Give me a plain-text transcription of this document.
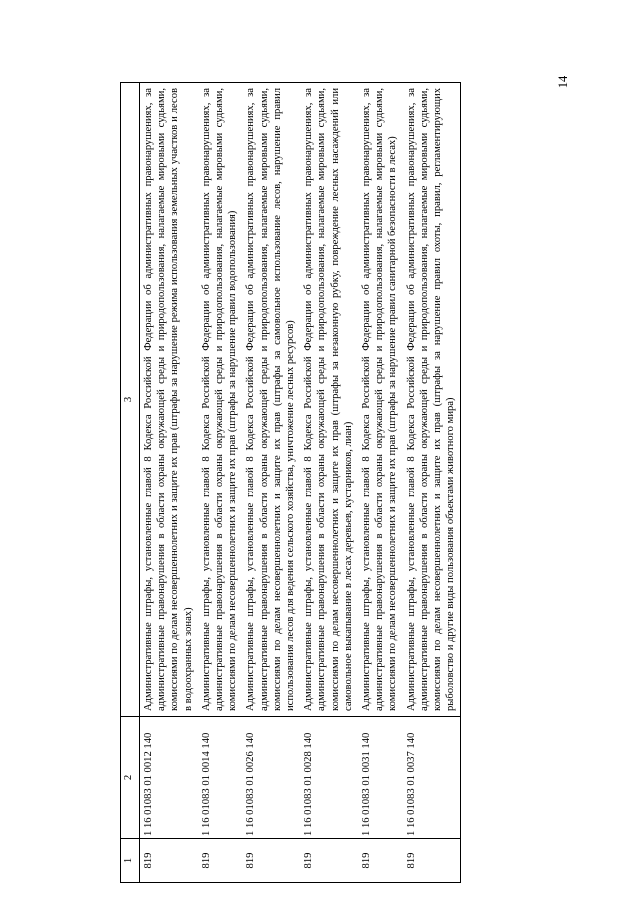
14
1	2	3
819	1 16 01083 01 0012 140	Административные штрафы, установленные главой 8 Кодекса Российской Федерации об административных правонарушениях, за административные правонарушения в области охраны окружающей среды и природопользования, налагаемые мировыми судьями, комиссиями по делам несовершеннолетних и защите их прав (штрафы за нарушение режима использования земельных участков и лесов в водоохранных зонах)
819	1 16 01083 01 0014 140	Административные штрафы, установленные главой 8 Кодекса Российской Федерации об административных правонарушениях, за административные правонарушения в области охраны окружающей среды и природопользования, налагаемые мировыми судьями, комиссиями по делам несовершеннолетних и защите их прав (штрафы за нарушение правил водопользования)
819	1 16 01083 01 0026 140	Административные штрафы, установленные главой 8 Кодекса Российской Федерации об административных правонарушениях, за административные правонарушения в области охраны окружающей среды и природопользования, налагаемые мировыми судьями, комиссиями по делам несовершеннолетних и защите их прав (штрафы за самовольное использование лесов, нарушение правил использования лесов для ведения сельского хозяйства, уничтожение лесных ресурсов)
819	1 16 01083 01 0028 140	Административные штрафы, установленные главой 8 Кодекса Российской Федерации об административных правонарушениях, за административные правонарушения в области охраны окружающей среды и природопользования, налагаемые мировыми судьями, комиссиями по делам несовершеннолетних и защите их прав (штрафы за незаконную рубку, повреждение лесных насаждений или самовольное выкапывание в лесах деревьев, кустарников, лиан)
819	1 16 01083 01 0031 140	Административные штрафы, установленные главой 8 Кодекса Российской Федерации об административных правонарушениях, за административные правонарушения в области охраны окружающей среды и природопользования, налагаемые мировыми судьями, комиссиями по делам несовершеннолетних и защите их прав (штрафы за нарушение правил санитарной безопасности в лесах)
819	1 16 01083 01 0037 140	Административные штрафы, установленные главой 8 Кодекса Российской Федерации об административных правонарушениях, за административные правонарушения в области охраны окружающей среды и природопользования, налагаемые мировыми судьями, комиссиями по делам несовершеннолетних и защите их прав (штрафы за нарушение правил охоты, правил, регламентирующих рыболовство и другие виды пользования объектами животного мира)
